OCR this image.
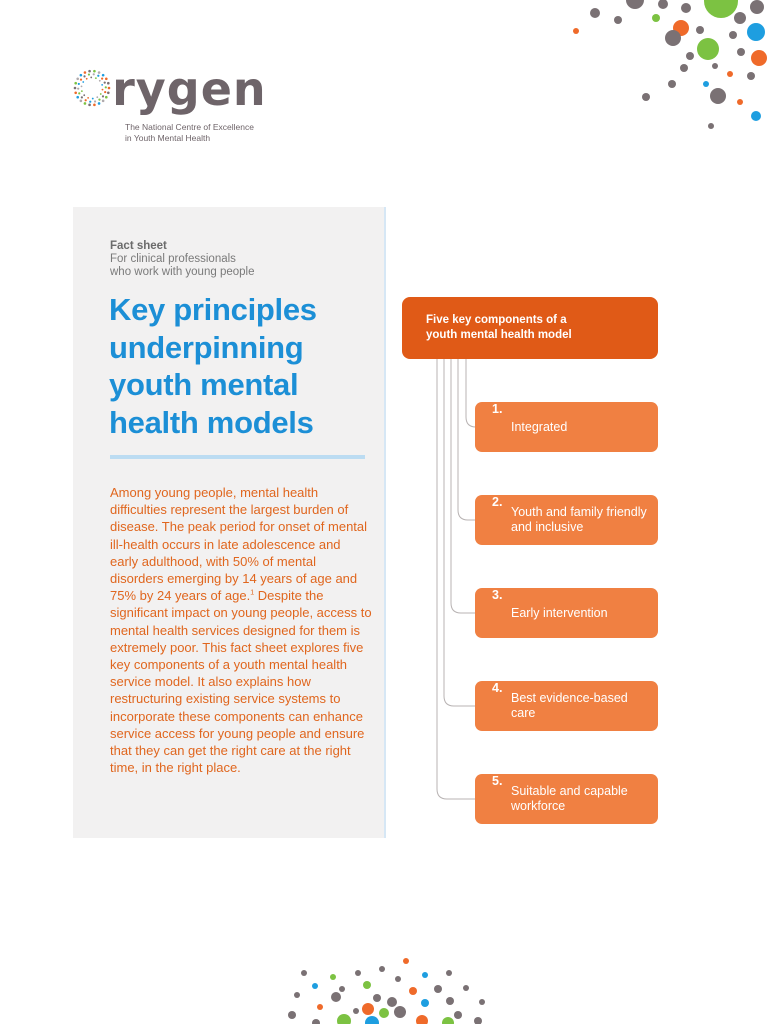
rygen
The National Centre of Excellence
in Youth Mental Health
Fact sheet
For clinical professionals
who work with young people
Key principles
underpinning
youth mental
health models
Among young people, mental health difficulties represent the largest burden of disease. The peak period for onset of mental ill-health occurs in late adolescence and early adulthood, with 50% of mental disorders emerging by 14 years of age and 75% by 24 years of age.$^1$ Despite the significant impact on young people, access to mental health services designed for them is extremely poor. This fact sheet explores five key components of a youth mental health service model. It also explains how restructuring existing service systems to incorporate these components can enhance service access for young people and ensure that they can get the right care at the right time, in the right place.
Five key components of a
youth mental health model
1.
Integrated
2.
Youth and family friendly and inclusive
3.
Early intervention
4.
Best evidence-based care
5.
Suitable and capable workforce
